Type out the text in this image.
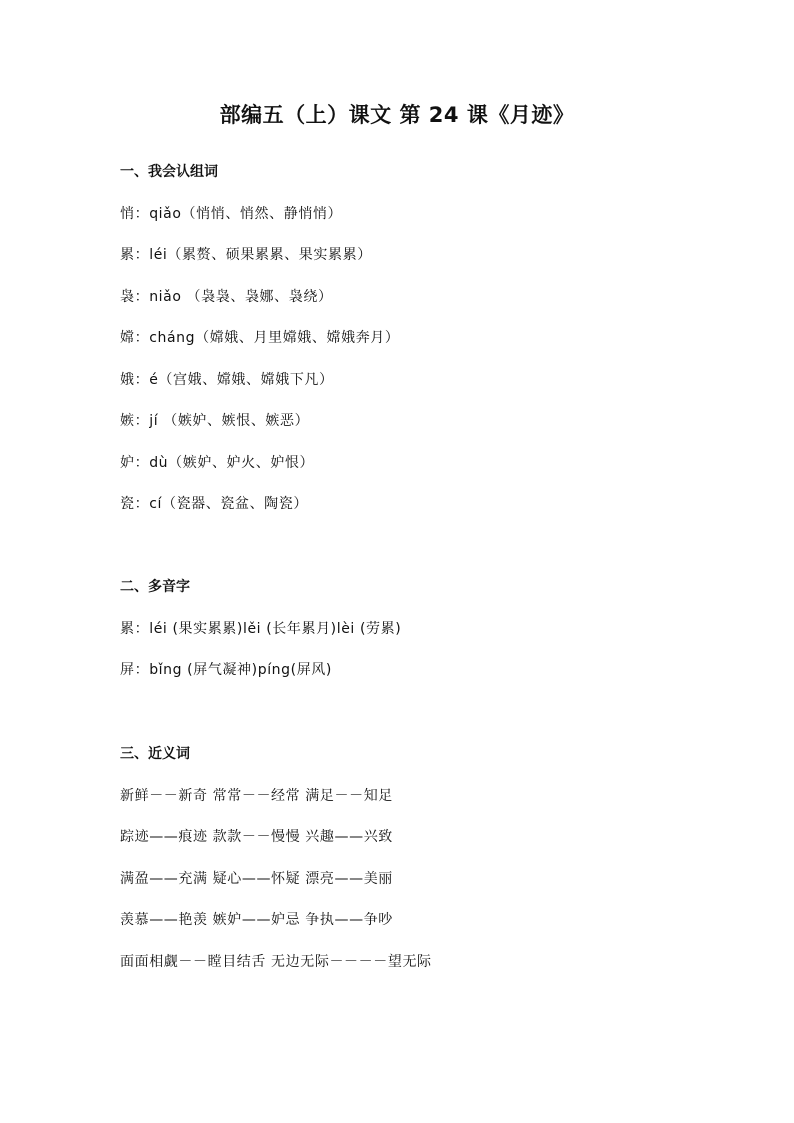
部编五（上）课文 第 24 课《月迹》
一、我会认组词
悄：qiǎo（悄悄、悄然、静悄悄）
累：léi（累赘、硕果累累、果实累累）
袅：niǎo （袅袅、袅娜、袅绕）
嫦：cháng（嫦娥、月里嫦娥、嫦娥奔月）
娥：é（宫娥、嫦娥、嫦娥下凡）
嫉：jí （嫉妒、嫉恨、嫉恶）
妒：dù（嫉妒、妒火、妒恨）
瓷：cí（瓷器、瓷盆、陶瓷）
二、多音字
累：léi (果实累累)lěi (长年累月)lèi (劳累)
屏：bǐng (屏气凝神)píng(屏风)
三、近义词
新鲜－－新奇 常常－－经常 满足－－知足
踪迹——痕迹 款款－－慢慢 兴趣——兴致
满盈——充满 疑心——怀疑 漂亮——美丽
羡慕——艳羡 嫉妒——妒忌 争执——争吵
面面相觑－－瞠目结舌 无边无际－－－－望无际
